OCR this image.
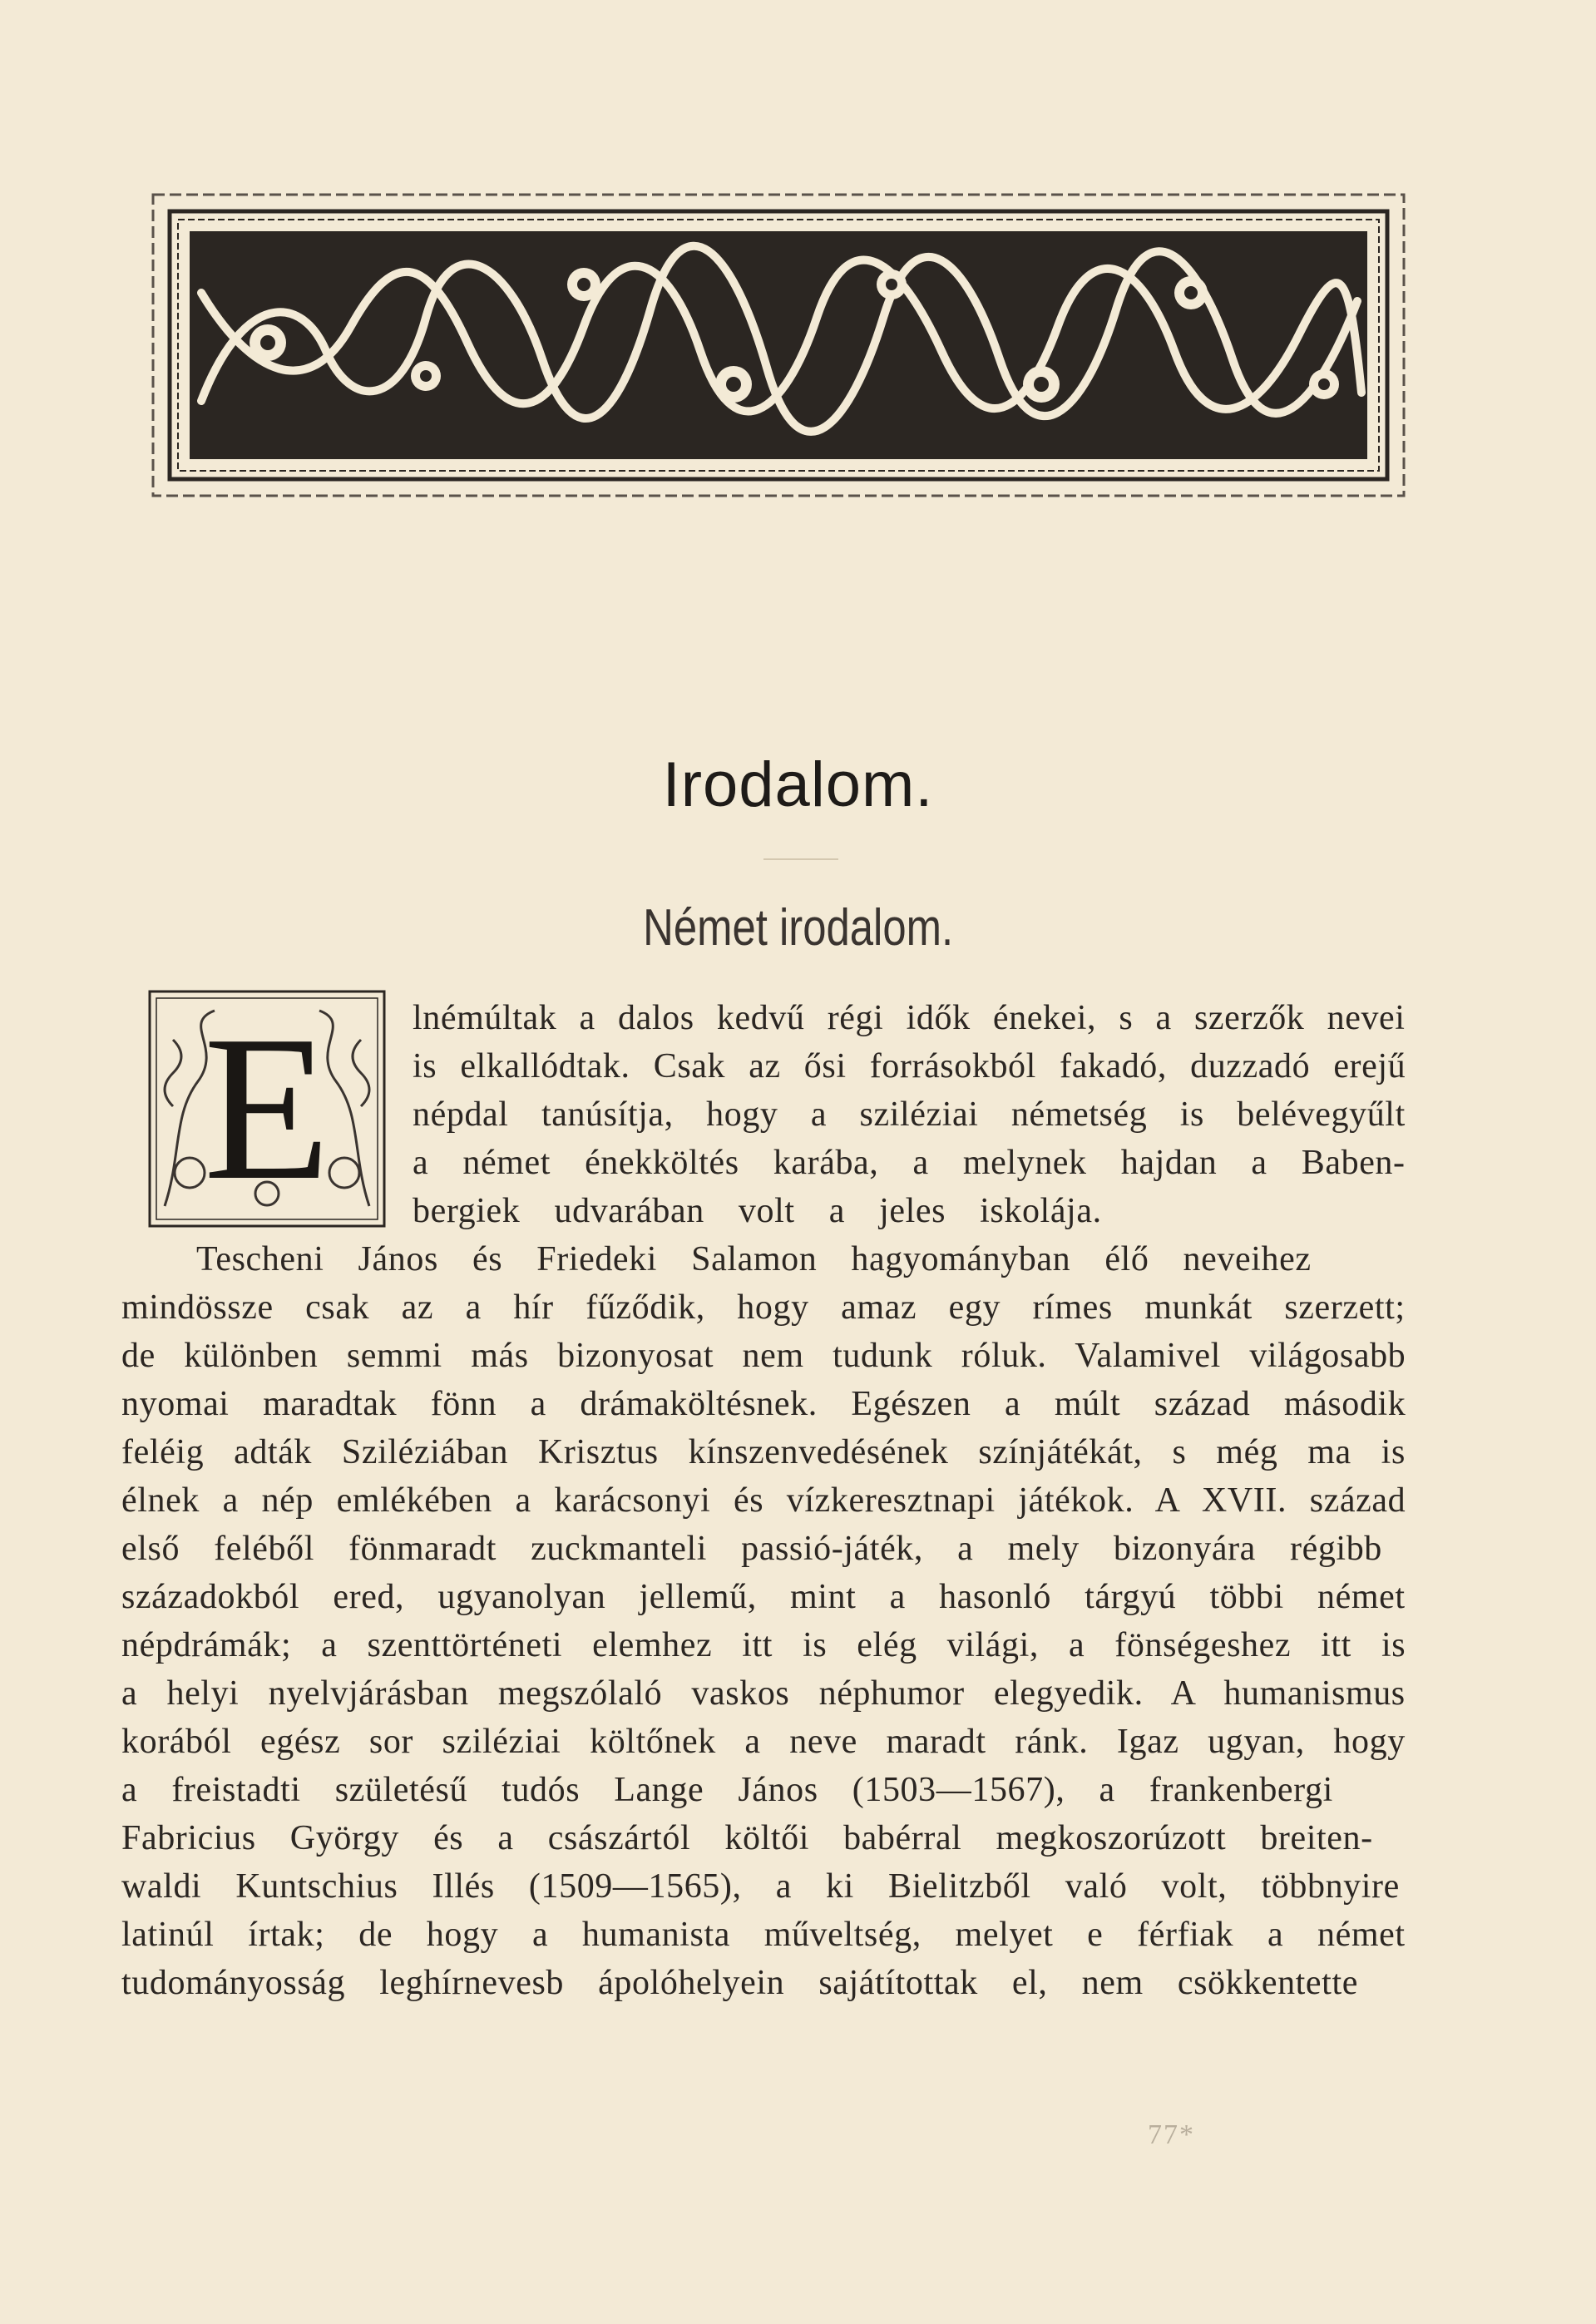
Irodalom.
Német irodalom.
E	lnémúltak a dalos kedvű régi idők énekei, s a szerzők nevei
is elkallódtak. Csak az ősi forrásokból fakadó, duzzadó erejű
népdal tanúsítja, hogy a sziléziai németség is belévegyűlt
a német énekköltés karába, a melynek hajdan a Baben-
bergiek udvarában volt a jeles iskolája.
Tescheni János és Friedeki Salamon hagyományban élő neveihez
mindössze csak az a hír fűződik, hogy amaz egy rímes munkát szerzett;
de különben semmi más bizonyosat nem tudunk róluk. Valamivel világosabb
nyomai maradtak fönn a drámaköltésnek. Egészen a múlt század második
feléig adták Sziléziában Krisztus kínszenvedésének színjátékát, s még ma is
élnek a nép emlékében a karácsonyi és vízkeresztnapi játékok. A XVII. század
első feléből fönmaradt zuckmanteli passió-játék, a mely bizonyára régibb
századokból ered, ugyanolyan jellemű, mint a hasonló tárgyú többi német
népdrámák; a szenttörténeti elemhez itt is elég világi, a fönségeshez itt is
a helyi nyelvjárásban megszólaló vaskos néphumor elegyedik. A humanismus
korából egész sor sziléziai költőnek a neve maradt ránk. Igaz ugyan, hogy
a freistadti születésű tudós Lange János (1503—1567), a frankenbergi
Fabricius György és a császártól költői babérral megkoszorúzott breiten-
waldi Kuntschius Illés (1509—1565), a ki Bielitzből való volt, többnyire
latinúl írtak; de hogy a humanista műveltség, melyet e férfiak a német
tudományosság leghírnevesb ápolóhelyein sajátítottak el, nem csökkentette
77*
